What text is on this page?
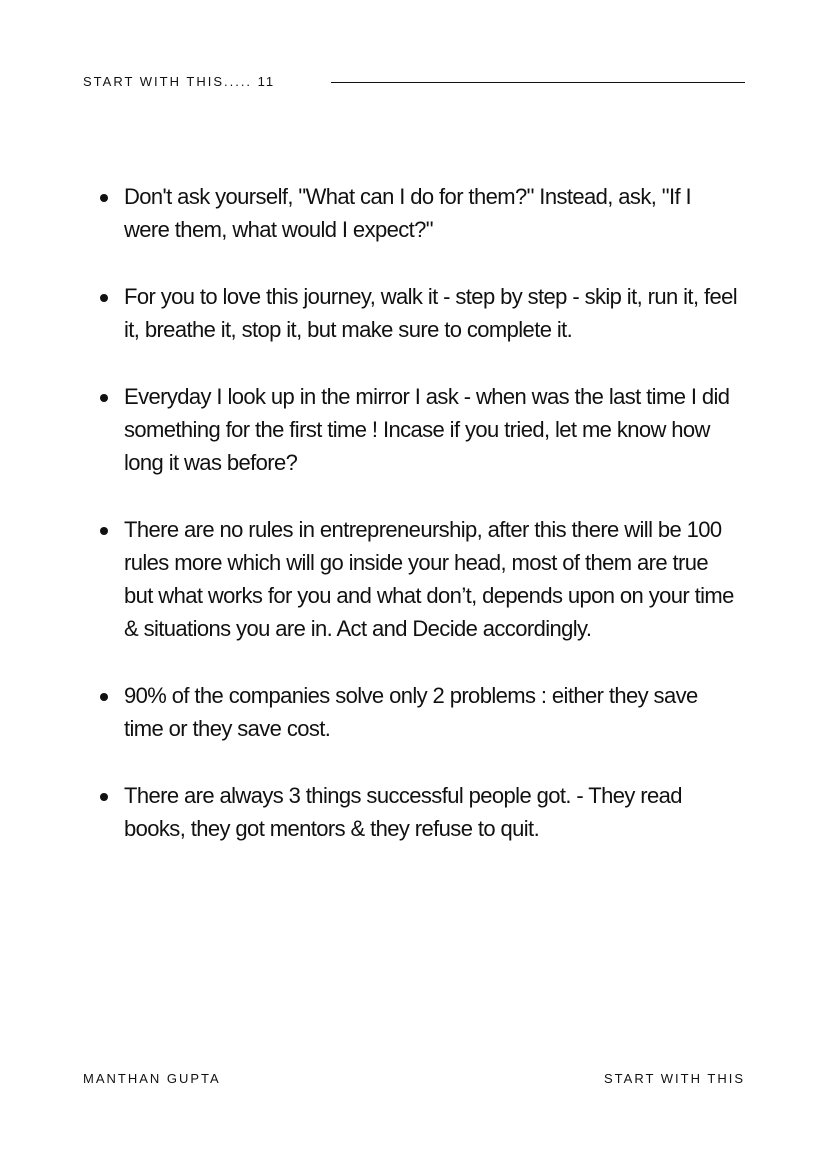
START WITH THIS..... 11
Don't ask yourself, "What can I do for them?" Instead, ask, "If I were them, what would I expect?"
For you to love this journey, walk it - step by step - skip it, run it, feel it, breathe it, stop it, but make sure to complete it.
Everyday I look up in the mirror I ask - when was the last time I did something for the first time ! Incase if you tried, let me know how long it was before?
There are no rules in entrepreneurship, after this there will be 100 rules more which will go inside your head, most of them are true but what works for you and what don’t, depends upon on your time & situations you are in. Act and Decide accordingly.
90% of the companies solve only 2 problems : either they save time or they save cost.
There are always 3 things successful people got. - They read books, they got mentors & they refuse to quit.
MANTHAN GUPTA	START WITH THIS
